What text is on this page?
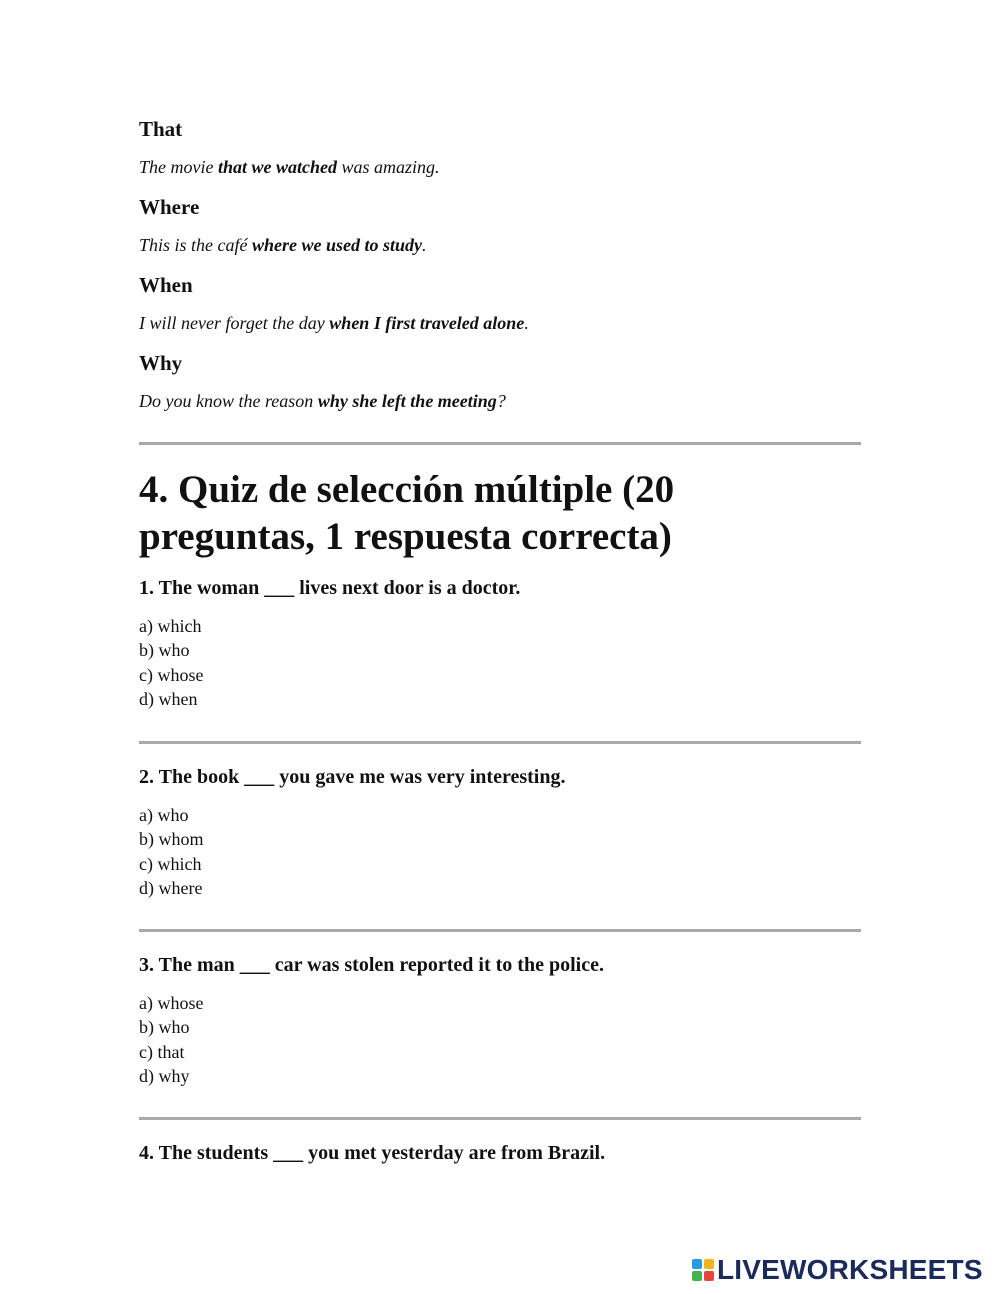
That

The movie that we watched was amazing.

Where

This is the café where we used to study.

When

I will never forget the day when I first traveled alone.

Why

Do you know the reason why she left the meeting?

4. Quiz de selección múltiple (20
preguntas, 1 respuesta correcta)

1. The woman ___ lives next door is a doctor.

a) which
b) who
c) whose
d) when

2. The book ___ you gave me was very interesting.

a) who
b) whom
c) which
d) where

3. The man ___ car was stolen reported it to the police.

a) whose
b) who
c) that
d) why

4. The students ___ you met yesterday are from Brazil.

LIVEWORKSHEETS
